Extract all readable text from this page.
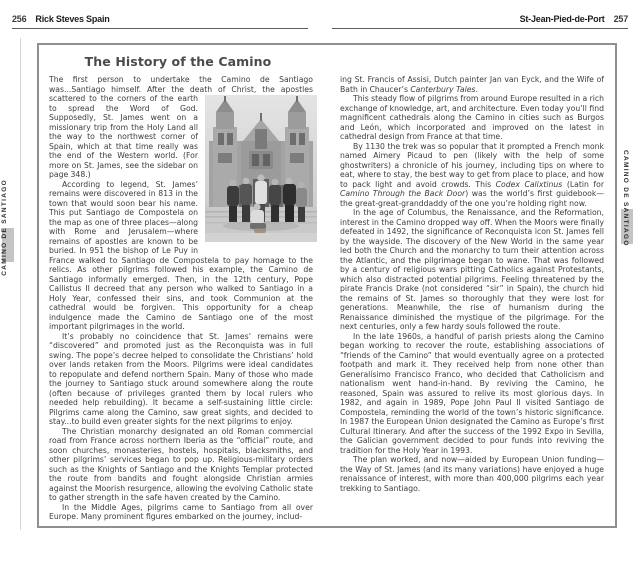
256 Rick Steves Spain	St-Jean-Pied-de-Port 257
CAMINO DE SANTIAGO	CAMINO DE SANTIAGO
The History of the Camino

The first person to undertake the Camino de Santiago was...Santiago himself. After the death of Christ, the apostles scattered to
the corners of the earth to spread the Word of God. Supposedly, St. James went on a missionary trip from the Holy Land all the way to the northwest corner of Spain, which at that time really was the end of the Western world. (For more on St. James, see the sidebar on page 348.)

According to legend, St. James’ remains were discovered in 813 in the town that would soon bear his name. This put Santiago de Compostela on the map as one of three places—along with Rome and Jerusalem—where remains of apostles are known to be buried. In 951 the bishop of Le Puy in France walked to Santiago de Compostela to pay homage to the relics. As other pilgrims followed his example, the Camino de Santiago informally emerged. Then, in the 12th century, Pope Callistus II decreed that any person who walked to Santiago in a Holy Year, confessed their sins, and took Communion at the cathedral would be forgiven. This opportunity for a cheap indulgence made the Camino de Santiago one of the most important pilgrimages in the world.

It’s probably no coincidence that St. James’ remains were “discovered” and promoted just as the Reconquista was in full swing. The pope’s decree helped to consolidate the Christians’ hold over lands retaken from the Moors. Pilgrims were ideal candidates to repopulate and defend northern Spain. Many of those who made the journey to Santiago stuck around somewhere along the route (often because of privileges granted them by local rulers who needed help rebuilding). It became a self-sustaining little circle: Pilgrims came along the Camino, saw great sights, and decided to stay...to build even greater sights for the next pilgrims to enjoy.

The Christian monarchy designated an old Roman commercial road from France across northern Iberia as the “official” route, and soon churches, monasteries, hostels, hospitals, blacksmiths, and other pilgrims’ services began to pop up. Religious-military orders such as the Knights of Santiago and the Knights Templar protected the route from bandits and fought alongside Christian armies against the Moorish resurgence, allowing the evolving Catholic state to gather strength in the safe haven created by the Camino.

In the Middle Ages, pilgrims came to Santiago from all over Europe. Many prominent figures embarked on the journey, includ-

ing St. Francis of Assisi, Dutch painter Jan van Eyck, and the Wife of Bath in Chaucer’s Canterbury Tales.

This steady flow of pilgrims from around Europe resulted in a rich exchange of knowledge, art, and architecture. Even today you’ll find magnificent cathedrals along the Camino in cities such as Burgos and León, which incorporated and improved on the latest in cathedral design from France at that time.

By 1130 the trek was so popular that it prompted a French monk named Aimery Picaud to pen (likely with the help of some ghostwriters) a chronicle of his journey, including tips on where to eat, where to stay, the best way to get from place to place, and how to pack light and avoid crowds. This Codex Calixtinus (Latin for Camino Through the Back Door) was the world’s first guidebook—the great-great-granddaddy of the one you’re holding right now.

In the age of Columbus, the Renaissance, and the Reformation, interest in the Camino dropped way off. When the Moors were finally defeated in 1492, the significance of Reconquista icon St. James fell by the wayside. The discovery of the New World in the same year led both the Church and the monarchy to turn their attention across the Atlantic, and the pilgrimage began to wane. That was followed by a century of religious wars pitting Catholics against Protestants, which also distracted potential pilgrims. Feeling threatened by the pirate Francis Drake (not considered “sir” in Spain), the church hid the remains of St. James so thoroughly that they were lost for generations. Meanwhile, the rise of humanism during the Renaissance diminished the mystique of the pilgrimage. For the next centuries, only a few hardy souls followed the route.

In the late 1960s, a handful of parish priests along the Camino began working to recover the route, establishing associations of “friends of the Camino” that would eventually agree on a protected footpath and mark it. They received help from none other than Generalísimo Francisco Franco, who decided that Catholicism and nationalism went hand-in-hand. By reviving the Camino, he reasoned, Spain was assured to relive its most glorious days. In 1982, and again in 1989, Pope John Paul II visited Santiago de Compostela, reminding the world of the town’s historic significance. In 1987 the European Union designated the Camino as Europe’s first Cultural Itinerary. And after the success of the 1992 Expo in Sevilla, the Galician government decided to pour funds into reviving the tradition for the Holy Year in 1993.

The plan worked, and now—aided by European Union funding—the Way of St. James (and its many variations) have enjoyed a huge renaissance of interest, with more than 400,000 pilgrims each year trekking to Santiago.
